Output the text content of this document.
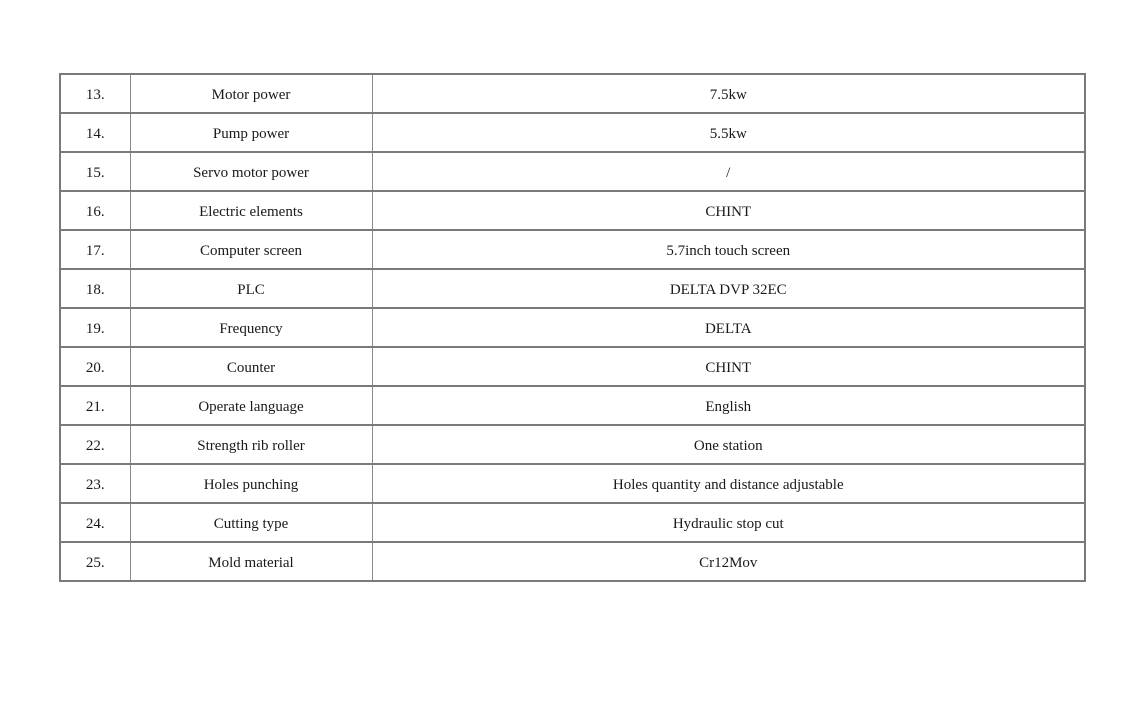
13.	Motor power	7.5kw
14.	Pump power	5.5kw
15.	Servo motor power	/
16.	Electric elements	CHINT
17.	Computer screen	5.7inch touch screen
18.	PLC	DELTA DVP 32EC
19.	Frequency	DELTA
20.	Counter	CHINT
21.	Operate language	English
22.	Strength rib roller	One station
23.	Holes punching	Holes quantity and distance adjustable
24.	Cutting type	Hydraulic stop cut
25.	Mold material	Cr12Mov
